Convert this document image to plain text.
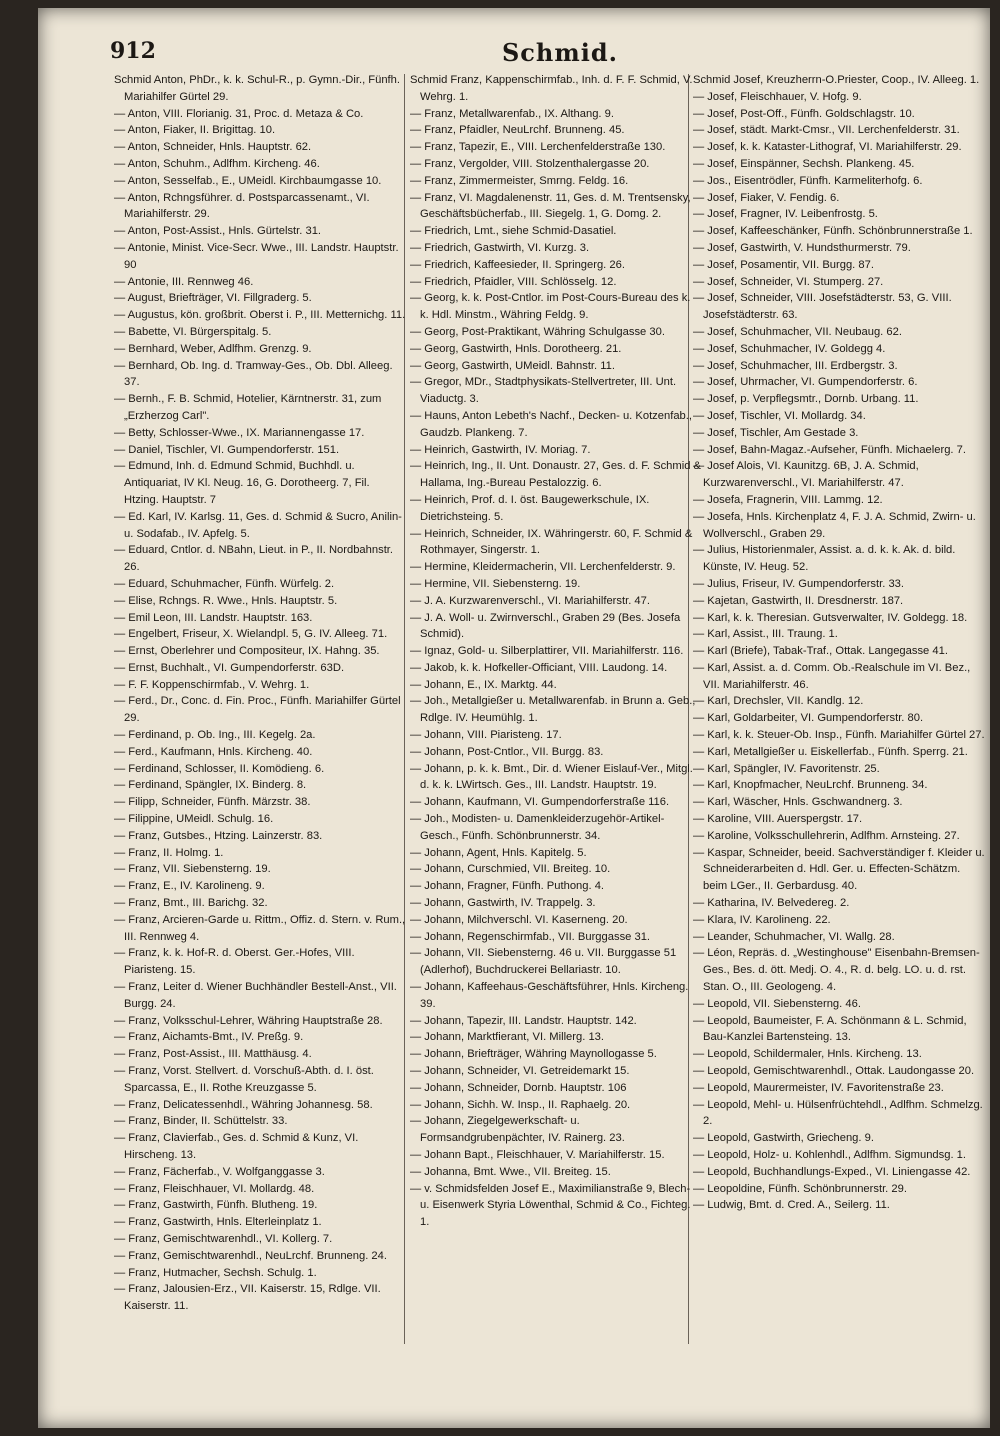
912	Schmid.

Schmid Anton, PhDr., k. k. Schul-R., p. Gymn.-Dir., Fünfh. Mariahilfer Gürtel 29.

— Anton, VIII. Florianig. 31, Proc. d. Metaza & Co.

— Anton, Fiaker, II. Brigittag. 10.

— Anton, Schneider, Hnls. Hauptstr. 62.

— Anton, Schuhm., Adlfhm. Kircheng. 46.

— Anton, Sesselfab., E., UMeidl. Kirchbaumgasse 10.

— Anton, Rchngsführer. d. Postsparcassenamt., VI. Mariahilferstr. 29.

— Anton, Post-Assist., Hnls. Gürtelstr. 31.

— Antonie, Minist. Vice-Secr. Wwe., III. Landstr. Hauptstr. 90

— Antonie, III. Rennweg 46.

— August, Briefträger, VI. Fillgraderg. 5.

— Augustus, kön. großbrit. Oberst i. P., III. Metternichg. 11.

— Babette, VI. Bürgerspitalg. 5.

— Bernhard, Weber, Adlfhm. Grenzg. 9.

— Bernhard, Ob. Ing. d. Tramway-Ges., Ob. Dbl. Alleeg. 37.

— Bernh., F. B. Schmid, Hotelier, Kärntnerstr. 31, zum „Erzherzog Carl".

— Betty, Schlosser-Wwe., IX. Mariannengasse 17.

— Daniel, Tischler, VI. Gumpendorferstr. 151.

— Edmund, Inh. d. Edmund Schmid, Buchhdl. u. Antiquariat, IV Kl. Neug. 16, G. Dorotheerg. 7, Fil. Htzing. Hauptstr. 7

— Ed. Karl, IV. Karlsg. 11, Ges. d. Schmid & Sucro, Anilin- u. Sodafab., IV. Apfelg. 5.

— Eduard, Cntlor. d. NBahn, Lieut. in P., II. Nordbahnstr. 26.

— Eduard, Schuhmacher, Fünfh. Würfelg. 2.

— Elise, Rchngs. R. Wwe., Hnls. Hauptstr. 5.

— Emil Leon, III. Landstr. Hauptstr. 163.

— Engelbert, Friseur, X. Wielandpl. 5, G. IV. Alleeg. 71.

— Ernst, Oberlehrer und Compositeur, IX. Hahng. 35.

— Ernst, Buchhalt., VI. Gumpendorferstr. 63D.

— F. F. Koppenschirmfab., V. Wehrg. 1.

— Ferd., Dr., Conc. d. Fin. Proc., Fünfh. Mariahilfer Gürtel 29.

— Ferdinand, p. Ob. Ing., III. Kegelg. 2a.

— Ferd., Kaufmann, Hnls. Kircheng. 40.

— Ferdinand, Schlosser, II. Komödieng. 6.

— Ferdinand, Spängler, IX. Binderg. 8.

— Filipp, Schneider, Fünfh. Märzstr. 38.

— Filippine, UMeidl. Schulg. 16.

— Franz, Gutsbes., Htzing. Lainzerstr. 83.

— Franz, II. Holmg. 1.

— Franz, VII. Siebensterng. 19.

— Franz, E., IV. Karolineng. 9.

— Franz, Bmt., III. Barichg. 32.

— Franz, Arcieren-Garde u. Rittm., Offiz. d. Stern. v. Rum., III. Rennweg 4.

— Franz, k. k. Hof-R. d. Oberst. Ger.-Hofes, VIII. Piaristeng. 15.

— Franz, Leiter d. Wiener Buchhändler Bestell-Anst., VII. Burgg. 24.

— Franz, Volksschul-Lehrer, Währing Hauptstraße 28.

— Franz, Aichamts-Bmt., IV. Preßg. 9.

— Franz, Post-Assist., III. Matthäusg. 4.

— Franz, Vorst. Stellvert. d. Vorschuß-Abth. d. I. öst. Sparcassa, E., II. Rothe Kreuzgasse 5.

— Franz, Delicatessenhdl., Währing Johannesg. 58.

— Franz, Binder, II. Schüttelstr. 33.

— Franz, Clavierfab., Ges. d. Schmid & Kunz, VI. Hirscheng. 13.

— Franz, Fächerfab., V. Wolfganggasse 3.

— Franz, Fleischhauer, VI. Mollardg. 48.

— Franz, Gastwirth, Fünfh. Blutheng. 19.

— Franz, Gastwirth, Hnls. Elterleinplatz 1.

— Franz, Gemischtwarenhdl., VI. Kollerg. 7.

— Franz, Gemischtwarenhdl., NeuLrchf. Brunneng. 24.

— Franz, Hutmacher, Sechsh. Schulg. 1.

— Franz, Jalousien-Erz., VII. Kaiserstr. 15, Rdlge. VII. Kaiserstr. 11.

Schmid Franz, Kappenschirmfab., Inh. d. F. F. Schmid, V. Wehrg. 1.

— Franz, Metallwarenfab., IX. Althang. 9.

— Franz, Pfaidler, NeuLrchf. Brunneng. 45.

— Franz, Tapezir, E., VIII. Lerchenfelderstraße 130.

— Franz, Vergolder, VIII. Stolzenthalergasse 20.

— Franz, Zimmermeister, Smrng. Feldg. 16.

— Franz, VI. Magdalenenstr. 11, Ges. d. M. Trentsensky, Geschäftsbücherfab., III. Siegelg. 1, G. Domg. 2.

— Friedrich, Lmt., siehe Schmid-Dasatiel.

— Friedrich, Gastwirth, VI. Kurzg. 3.

— Friedrich, Kaffeesieder, II. Springerg. 26.

— Friedrich, Pfaidler, VIII. Schlösselg. 12.

— Georg, k. k. Post-Cntlor. im Post-Cours-Bureau des k. k. Hdl. Minstm., Währing Feldg. 9.

— Georg, Post-Praktikant, Währing Schulgasse 30.

— Georg, Gastwirth, Hnls. Dorotheerg. 21.

— Georg, Gastwirth, UMeidl. Bahnstr. 11.

— Gregor, MDr., Stadtphysikats-Stellvertreter, III. Unt. Viaductg. 3.

— Hauns, Anton Lebeth's Nachf., Decken- u. Kotzenfab., Gaudzb. Plankeng. 7.

— Heinrich, Gastwirth, IV. Moriag. 7.

— Heinrich, Ing., II. Unt. Donaustr. 27, Ges. d. F. Schmid & Hallama, Ing.-Bureau Pestalozzig. 6.

— Heinrich, Prof. d. I. öst. Baugewerkschule, IX. Dietrichsteing. 5.

— Heinrich, Schneider, IX. Währingerstr. 60, F. Schmid & Rothmayer, Singerstr. 1.

— Hermine, Kleidermacherin, VII. Lerchenfelderstr. 9.

— Hermine, VII. Siebensterng. 19.

— J. A. Kurzwarenverschl., VI. Mariahilferstr. 47.

— J. A. Woll- u. Zwirnverschl., Graben 29 (Bes. Josefa Schmid).

— Ignaz, Gold- u. Silberplattirer, VII. Mariahilferstr. 116.

— Jakob, k. k. Hofkeller-Officiant, VIII. Laudong. 14.

— Johann, E., IX. Marktg. 44.

— Joh., Metallgießer u. Metallwarenfab. in Brunn a. Geb., Rdlge. IV. Heumühlg. 1.

— Johann, VIII. Piaristeng. 17.

— Johann, Post-Cntlor., VII. Burgg. 83.

— Johann, p. k. k. Bmt., Dir. d. Wiener Eislauf-Ver., Mitgl. d. k. k. LWirtsch. Ges., III. Landstr. Hauptstr. 19.

— Johann, Kaufmann, VI. Gumpendorferstraße 116.

— Joh., Modisten- u. Damenkleiderzugehör-Artikel-Gesch., Fünfh. Schönbrunnerstr. 34.

— Johann, Agent, Hnls. Kapitelg. 5.

— Johann, Curschmied, VII. Breiteg. 10.

— Johann, Fragner, Fünfh. Puthong. 4.

— Johann, Gastwirth, IV. Trappelg. 3.

— Johann, Milchverschl. VI. Kaserneng. 20.

— Johann, Regenschirmfab., VII. Burggasse 31.

— Johann, VII. Siebensterng. 46 u. VII. Burggasse 51 (Adlerhof), Buchdruckerei Bellariastr. 10.

— Johann, Kaffeehaus-Geschäftsführer, Hnls. Kircheng. 39.

— Johann, Tapezir, III. Landstr. Hauptstr. 142.

— Johann, Marktfierant, VI. Millerg. 13.

— Johann, Briefträger, Währing Maynollogasse 5.

— Johann, Schneider, VI. Getreidemarkt 15.

— Johann, Schneider, Dornb. Hauptstr. 106

— Johann, Sichh. W. Insp., II. Raphaelg. 20.

— Johann, Ziegelgewerkschaft- u. Formsandgrubenpächter, IV. Rainerg. 23.

— Johann Bapt., Fleischhauer, V. Mariahilferstr. 15.

— Johanna, Bmt. Wwe., VII. Breiteg. 15.

— v. Schmidsfelden Josef E., Maximilianstraße 9, Blech- u. Eisenwerk Styria Löwenthal, Schmid & Co., Fichteg. 1.

Schmid Josef, Kreuzherrn-O.Priester, Coop., IV. Alleeg. 1.

— Josef, Fleischhauer, V. Hofg. 9.

— Josef, Post-Off., Fünfh. Goldschlagstr. 10.

— Josef, städt. Markt-Cmsr., VII. Lerchenfelderstr. 31.

— Josef, k. k. Kataster-Lithograf, VI. Mariahilferstr. 29.

— Josef, Einspänner, Sechsh. Plankeng. 45.

— Jos., Eisentrödler, Fünfh. Karmeliterhofg. 6.

— Josef, Fiaker, V. Fendig. 6.

— Josef, Fragner, IV. Leibenfrostg. 5.

— Josef, Kaffeeschänker, Fünfh. Schönbrunnerstraße 1.

— Josef, Gastwirth, V. Hundsthurmerstr. 79.

— Josef, Posamentir, VII. Burgg. 87.

— Josef, Schneider, VI. Stumperg. 27.

— Josef, Schneider, VIII. Josefstädterstr. 53, G. VIII. Josefstädterstr. 63.

— Josef, Schuhmacher, VII. Neubaug. 62.

— Josef, Schuhmacher, IV. Goldegg 4.

— Josef, Schuhmacher, III. Erdbergstr. 3.

— Josef, Uhrmacher, VI. Gumpendorferstr. 6.

— Josef, p. Verpflegsmtr., Dornb. Urbang. 11.

— Josef, Tischler, VI. Mollardg. 34.

— Josef, Tischler, Am Gestade 3.

— Josef, Bahn-Magaz.-Aufseher, Fünfh. Michaelerg. 7.

— Josef Alois, VI. Kaunitzg. 6B, J. A. Schmid, Kurzwarenverschl., VI. Mariahilferstr. 47.

— Josefa, Fragnerin, VIII. Lammg. 12.

— Josefa, Hnls. Kirchenplatz 4, F. J. A. Schmid, Zwirn- u. Wollverschl., Graben 29.

— Julius, Historienmaler, Assist. a. d. k. k. Ak. d. bild. Künste, IV. Heug. 52.

— Julius, Friseur, IV. Gumpendorferstr. 33.

— Kajetan, Gastwirth, II. Dresdnerstr. 187.

— Karl, k. k. Theresian. Gutsverwalter, IV. Goldegg. 18.

— Karl, Assist., III. Traung. 1.

— Karl (Briefe), Tabak-Traf., Ottak. Langegasse 41.

— Karl, Assist. a. d. Comm. Ob.-Realschule im VI. Bez., VII. Mariahilferstr. 46.

— Karl, Drechsler, VII. Kandlg. 12.

— Karl, Goldarbeiter, VI. Gumpendorferstr. 80.

— Karl, k. k. Steuer-Ob. Insp., Fünfh. Mariahilfer Gürtel 27.

— Karl, Metallgießer u. Eiskellerfab., Fünfh. Sperrg. 21.

— Karl, Spängler, IV. Favoritenstr. 25.

— Karl, Knopfmacher, NeuLrchf. Brunneng. 34.

— Karl, Wäscher, Hnls. Gschwandnerg. 3.

— Karoline, VIII. Auerspergstr. 17.

— Karoline, Volksschullehrerin, Adlfhm. Arnsteing. 27.

— Kaspar, Schneider, beeid. Sachverständiger f. Kleider u. Schneiderarbeiten d. Hdl. Ger. u. Effecten-Schätzm. beim LGer., II. Gerbardusg. 40.

— Katharina, IV. Belvedereg. 2.

— Klara, IV. Karolineng. 22.

— Leander, Schuhmacher, VI. Wallg. 28.

— Léon, Repräs. d. „Westinghouse" Eisenbahn-Bremsen-Ges., Bes. d. ött. Medj. O. 4., R. d. belg. LO. u. d. rst. Stan. O., III. Geologeng. 4.

— Leopold, VII. Siebensterng. 46.

— Leopold, Baumeister, F. A. Schönmann & L. Schmid, Bau-Kanzlei Bartensteing. 13.

— Leopold, Schildermaler, Hnls. Kircheng. 13.

— Leopold, Gemischtwarenhdl., Ottak. Laudongasse 20.

— Leopold, Maurermeister, IV. Favoritenstraße 23.

— Leopold, Mehl- u. Hülsenfrüchtehdl., Adlfhm. Schmelzg. 2.

— Leopold, Gastwirth, Griecheng. 9.

— Leopold, Holz- u. Kohlenhdl., Adlfhm. Sigmundsg. 1.

— Leopold, Buchhandlungs-Exped., VI. Liniengasse 42.

— Leopoldine, Fünfh. Schönbrunnerstr. 29.

— Ludwig, Bmt. d. Cred. A., Seilerg. 11.
